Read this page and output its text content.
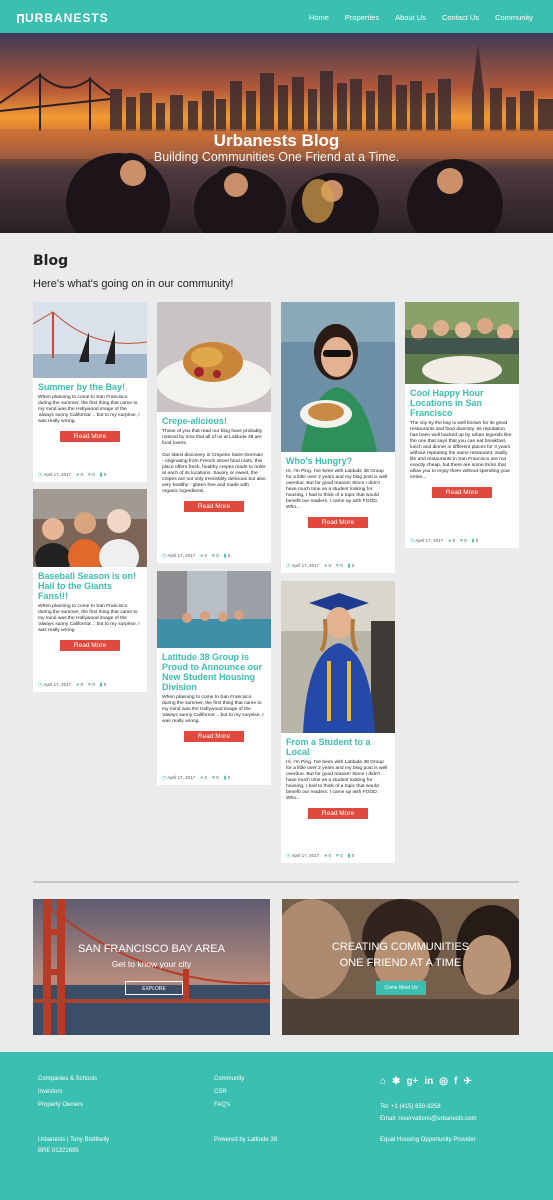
URBANESTS	Home Properties About Us Contact Us Community
Urbanests Blog
Building Communities One Friend at a Time.
Blog
Here's what's going on in our community!
Summer by the Bay!
When planning to come to San Francisco during the summer, the first thing that came to my mind was the Hollywood image of the 'always sunny California'... but to my surprise, I was really wrong.
Read More
◷ April 17, 2017 ● 0 ♥ 0 ▮ 0
Baseball Season is on! Hail to the Giants Fans!!!
When planning to come to San Francisco during the summer, the first thing that came to my mind was the Hollywood image of the 'always sunny California'... but to my surprise, I was really wrong.
Read More
◷ April 17, 2017 ● 0 ♥ 0 ▮ 0
Crepe-alicious!
Those of you that read our blog have probably noticed by now that all of us at Latitude 38 are food lovers.

Our latest discovery is Creperie Saint-Germain - originating from French street food roots, this place offers fresh, healthy crepes made to order at each of its locations. Savory or sweet, the crepes are not only irresistibly delicious but also very healthy - gluten free and made with organic ingredients.
Read More
◷ April 17, 2017 ● 0 ♥ 0 ▮ 0
Latitude 38 Group is Proud to Announce our New Student Housing Division
When planning to come to San Francisco during the summer, the first thing that came to my mind was the Hollywood image of the 'always sunny California'... but to my surprise, I was really wrong.
Read More
◷ April 17, 2017 ● 0 ♥ 0 ▮ 0
Who's Hungry?
Hi, I'm Ping. I've been with Latitude 38 Group for a little over 2 years and my blog post is well overdue. But for good reason! Since I didn't have much time as a student looking for housing, I had to think of a topic that would benefit our readers. I came up with FOOD. Who...
Read More
◷ April 17, 2017 ● 0 ♥ 0 ▮ 0
From a Student to a Local
Hi, I'm Ping. I've been with Latitude 38 Group for a little over 2 years and my blog post is well overdue. But for good reason! Since I didn't have much time as a student looking for housing, I had to think of a topic that would benefit our readers. I came up with FOOD. Who...
Read More
◷ April 17, 2017 ● 0 ♥ 0 ▮ 0
Cool Happy Hour Locations in San Francisco
The city by the bay is well known for its great restaurants and food diversity. Its reputation has been well backed up by urban legends like the one that says that you can eat breakfast, lunch and dinner in different places for 3 years without repeating the same restaurant. Sadly, life and restaurants in San Francisco are not exactly cheap, but there are some tricks that allow you to enjoy them without spending your entire...
Read More
◷ April 17, 2017 ● 0 ♥ 0 ▮ 0
SAN FRANCISCO BAY AREA
Get to know your city
EXPLORE
CREATING COMMUNITIES
ONE FRIEND AT A TIME
Come Meet Us
Companies & Schools
Investors
Property Owners
Community
CSR
FAQ's
⌂ ✱ g+ in ◎ f ✈
Tel: +1 (415) 650-9258
Email: reservations@urbanests.com
Urbanests | Tony Brettkelly
BRE 01321695
Powered by Latitude 38	Equal Housing Opportunity Provider
